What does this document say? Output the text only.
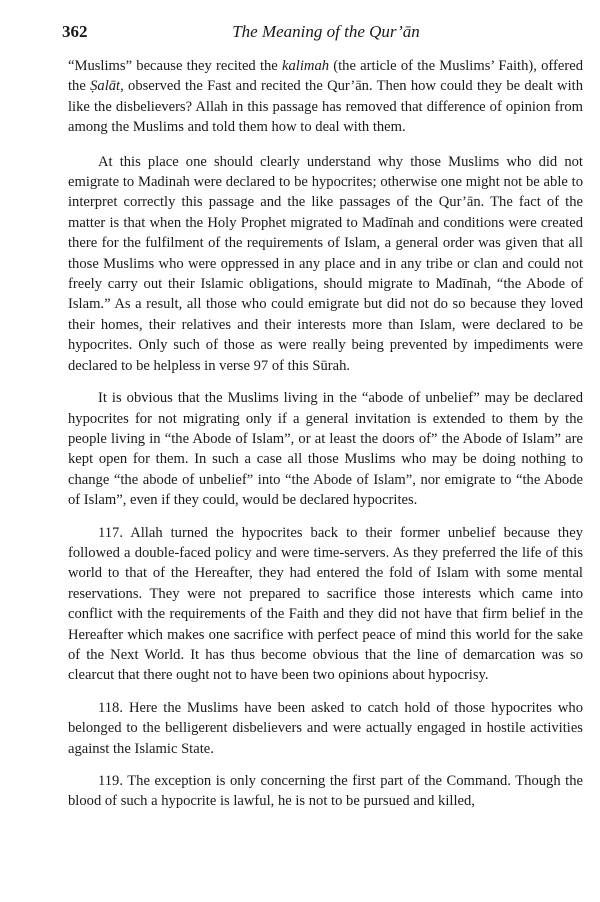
362	The Meaning of the Qur’ān

“Muslims” because they recited the kalimah (the article of the Muslims’ Faith), offered the Ṣalāt, observed the Fast and recited the Qur’ān. Then how could they be dealt with like the disbelievers? Allah in this passage has removed that difference of opinion from among the Muslims and told them how to deal with them.

At this place one should clearly understand why those Muslims who did not emigrate to Madinah were declared to be hypocrites; otherwise one might not be able to interpret correctly this passage and the like passages of the Qur’ān. The fact of the matter is that when the Holy Prophet migrated to Madīnah and conditions were created there for the fulfilment of the requirements of Islam, a general order was given that all those Muslims who were oppressed in any place and in any tribe or clan and could not freely carry out their Islamic obligations, should migrate to Madīnah, “the Abode of Islam.” As a result, all those who could emigrate but did not do so because they loved their homes, their relatives and their interests more than Islam, were declared to be hypocrites. Only such of those as were really being prevented by impediments were declared to be helpless in verse 97 of this Sūrah.

It is obvious that the Muslims living in the “abode of unbelief” may be declared hypocrites for not migrating only if a general invitation is extended to them by the people living in “the Abode of Islam”, or at least the doors of” the Abode of Islam” are kept open for them. In such a case all those Muslims who may be doing nothing to change “the abode of unbelief” into “the Abode of Islam”, nor emigrate to “the Abode of Islam”, even if they could, would be declared hypocrites.

117. Allah turned the hypocrites back to their former unbelief because they followed a double-faced policy and were time-servers. As they preferred the life of this world to that of the Hereafter, they had entered the fold of Islam with some mental reservations. They were not prepared to sacrifice those interests which came into conflict with the requirements of the Faith and they did not have that firm belief in the Hereafter which makes one sacrifice with perfect peace of mind this world for the sake of the Next World. It has thus become obvious that the line of demarcation was so clearcut that there ought not to have been two opinions about hypocrisy.

118. Here the Muslims have been asked to catch hold of those hypocrites who belonged to the belligerent disbelievers and were actually engaged in hostile activities against the Islamic State.

119. The exception is only concerning the first part of the Command. Though the blood of such a hypocrite is lawful, he is not to be pursued and killed,
